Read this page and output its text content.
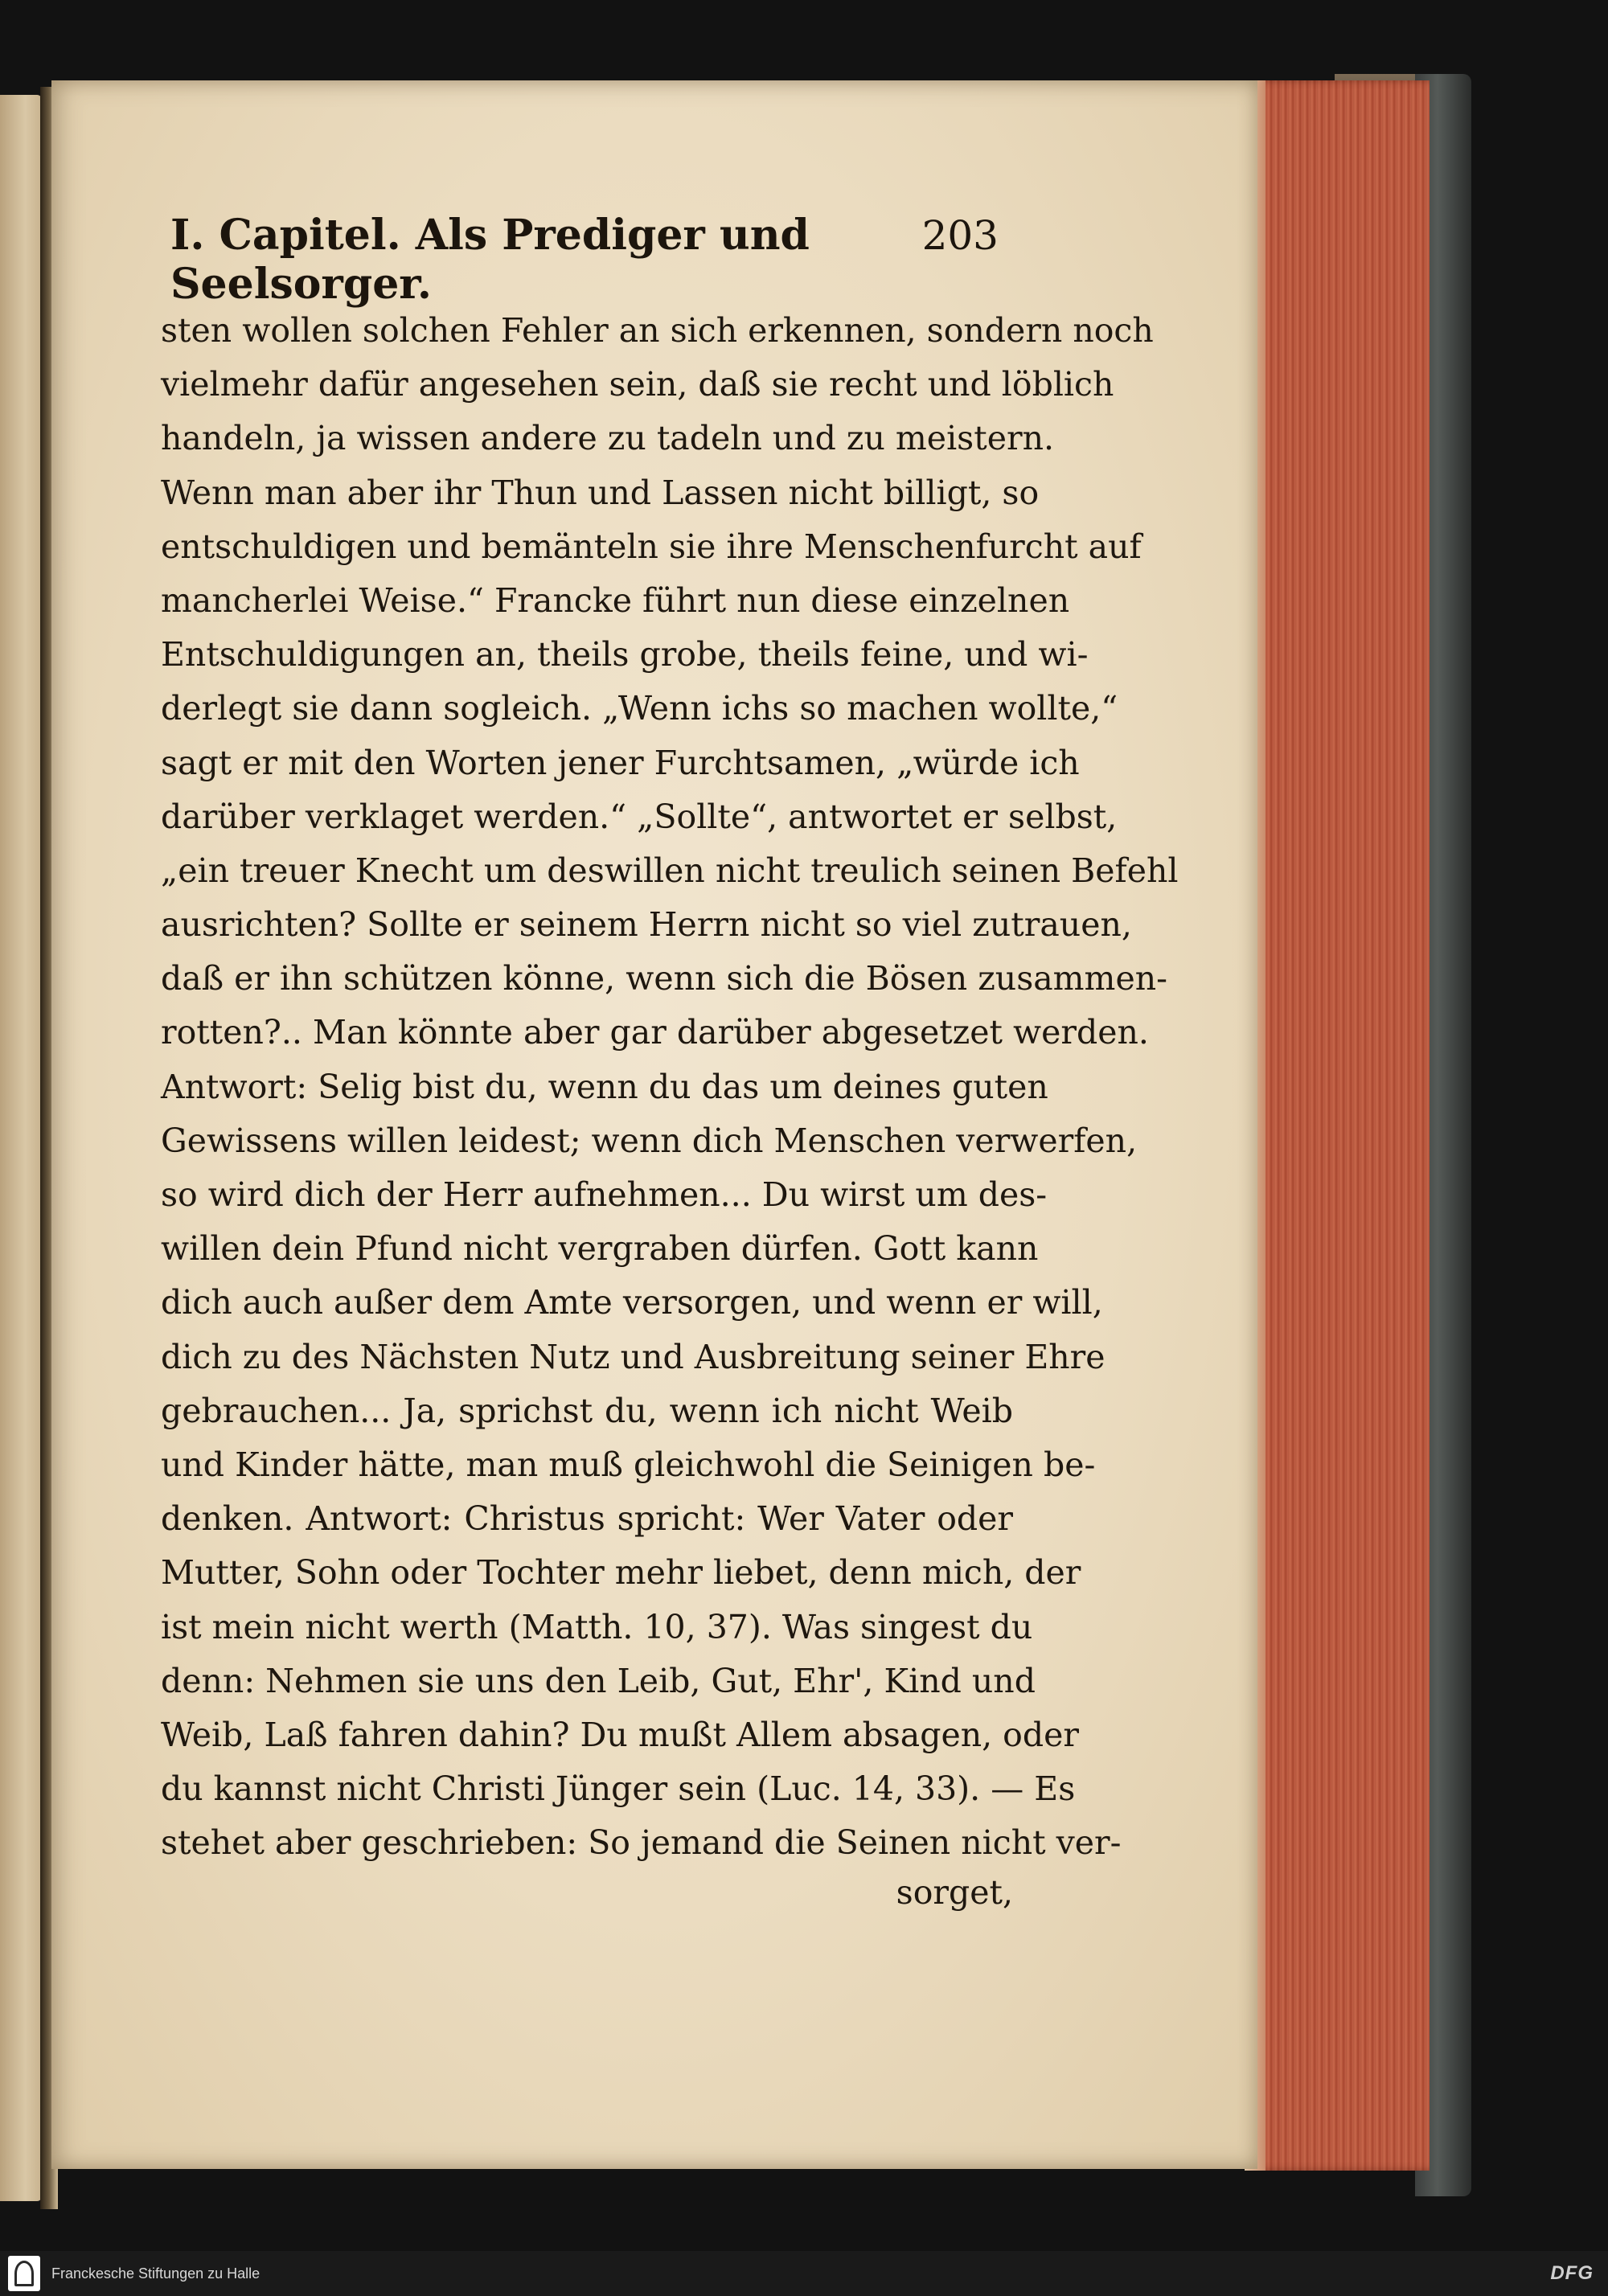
I. Capitel. Als Prediger und Seelsorger.
203
sten wollen solchen Fehler an sich erkennen, sondern noch
vielmehr dafür angesehen sein, daß sie recht und löblich
handeln, ja wissen andere zu tadeln und zu meistern.
Wenn man aber ihr Thun und Lassen nicht billigt, so
entschuldigen und bemänteln sie ihre Menschenfurcht auf
mancherlei Weise.“ Francke führt nun diese einzelnen
Entschuldigungen an, theils grobe, theils feine, und wi-
derlegt sie dann sogleich. „Wenn ichs so machen wollte,“
sagt er mit den Worten jener Furchtsamen, „würde ich
darüber verklaget werden.“ „Sollte“, antwortet er selbst,
„ein treuer Knecht um deswillen nicht treulich seinen Befehl
ausrichten? Sollte er seinem Herrn nicht so viel zutrauen,
daß er ihn schützen könne, wenn sich die Bösen zusammen-
rotten?.. Man könnte aber gar darüber abgesetzet werden.
Antwort: Selig bist du, wenn du das um deines guten
Gewissens willen leidest; wenn dich Menschen verwerfen,
so wird dich der Herr aufnehmen... Du wirst um des-
willen dein Pfund nicht vergraben dürfen. Gott kann
dich auch außer dem Amte versorgen, und wenn er will,
dich zu des Nächsten Nutz und Ausbreitung seiner Ehre
gebrauchen... Ja, sprichst du, wenn ich nicht Weib
und Kinder hätte, man muß gleichwohl die Seinigen be-
denken. Antwort: Christus spricht: Wer Vater oder
Mutter, Sohn oder Tochter mehr liebet, denn mich, der
ist mein nicht werth (Matth. 10, 37). Was singest du
denn: Nehmen sie uns den Leib, Gut, Ehr', Kind und
Weib, Laß fahren dahin? Du mußt Allem absagen, oder
du kannst nicht Christi Jünger sein (Luc. 14, 33). — Es
stehet aber geschrieben: So jemand die Seinen nicht ver-
sorget,
Franckesche Stiftungen zu Halle	DFG
